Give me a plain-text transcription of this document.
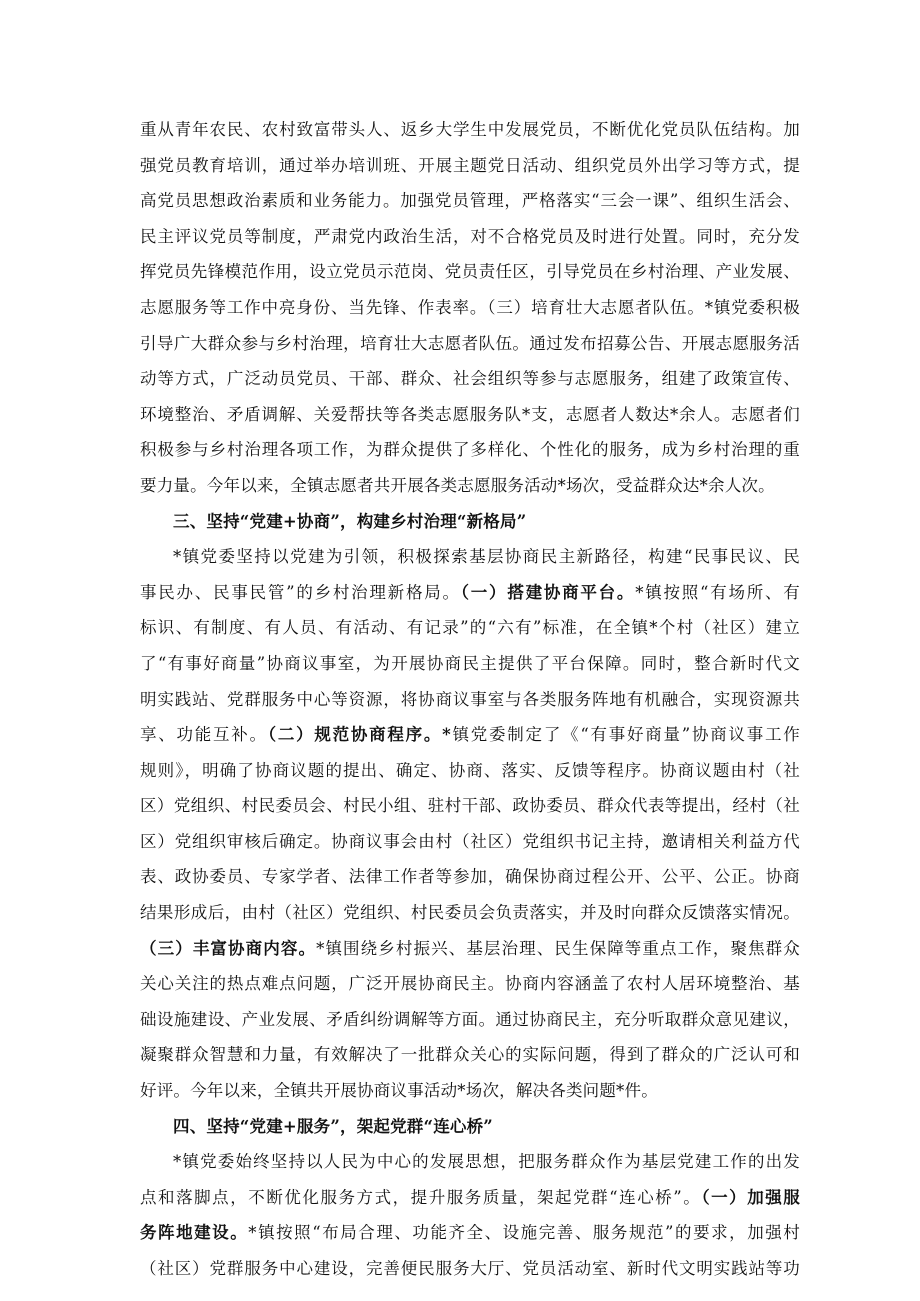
重从青年农民、农村致富带头人、返乡大学生中发展党员，不断优化党员队伍结构。加
强党员教育培训，通过举办培训班、开展主题党日活动、组织党员外出学习等方式，提
高党员思想政治素质和业务能力。加强党员管理，严格落实“三会一课”、组织生活会、
民主评议党员等制度，严肃党内政治生活，对不合格党员及时进行处置。同时，充分发
挥党员先锋模范作用，设立党员示范岗、党员责任区，引导党员在乡村治理、产业发展、
志愿服务等工作中亮身份、当先锋、作表率。（三）培育壮大志愿者队伍。*镇党委积极
引导广大群众参与乡村治理，培育壮大志愿者队伍。通过发布招募公告、开展志愿服务活
动等方式，广泛动员党员、干部、群众、社会组织等参与志愿服务，组建了政策宣传、
环境整治、矛盾调解、关爱帮扶等各类志愿服务队*支，志愿者人数达*余人。志愿者们
积极参与乡村治理各项工作，为群众提供了多样化、个性化的服务，成为乡村治理的重
要力量。今年以来，全镇志愿者共开展各类志愿服务活动*场次，受益群众达*余人次。
三、坚持“党建+协商”，构建乡村治理“新格局”
*镇党委坚持以党建为引领，积极探索基层协商民主新路径，构建“民事民议、民
事民办、民事民管”的乡村治理新格局。（一）搭建协商平台。*镇按照“有场所、有
标识、有制度、有人员、有活动、有记录”的“六有”标准，在全镇*个村（社区）建立
了“有事好商量”协商议事室，为开展协商民主提供了平台保障。同时，整合新时代文
明实践站、党群服务中心等资源，将协商议事室与各类服务阵地有机融合，实现资源共
享、功能互补。（二）规范协商程序。*镇党委制定了《“有事好商量”协商议事工作
规则》，明确了协商议题的提出、确定、协商、落实、反馈等程序。协商议题由村（社
区）党组织、村民委员会、村民小组、驻村干部、政协委员、群众代表等提出，经村（社
区）党组织审核后确定。协商议事会由村（社区）党组织书记主持，邀请相关利益方代
表、政协委员、专家学者、法律工作者等参加，确保协商过程公开、公平、公正。协商
结果形成后，由村（社区）党组织、村民委员会负责落实，并及时向群众反馈落实情况。
（三）丰富协商内容。*镇围绕乡村振兴、基层治理、民生保障等重点工作，聚焦群众
关心关注的热点难点问题，广泛开展协商民主。协商内容涵盖了农村人居环境整治、基
础设施建设、产业发展、矛盾纠纷调解等方面。通过协商民主，充分听取群众意见建议，
凝聚群众智慧和力量，有效解决了一批群众关心的实际问题，得到了群众的广泛认可和
好评。今年以来，全镇共开展协商议事活动*场次，解决各类问题*件。
四、坚持“党建+服务”，架起党群“连心桥”
*镇党委始终坚持以人民为中心的发展思想，把服务群众作为基层党建工作的出发
点和落脚点，不断优化服务方式，提升服务质量，架起党群“连心桥”。（一）加强服
务阵地建设。*镇按照“布局合理、功能齐全、设施完善、服务规范”的要求，加强村
（社区）党群服务中心建设，完善便民服务大厅、党员活动室、新时代文明实践站等功
